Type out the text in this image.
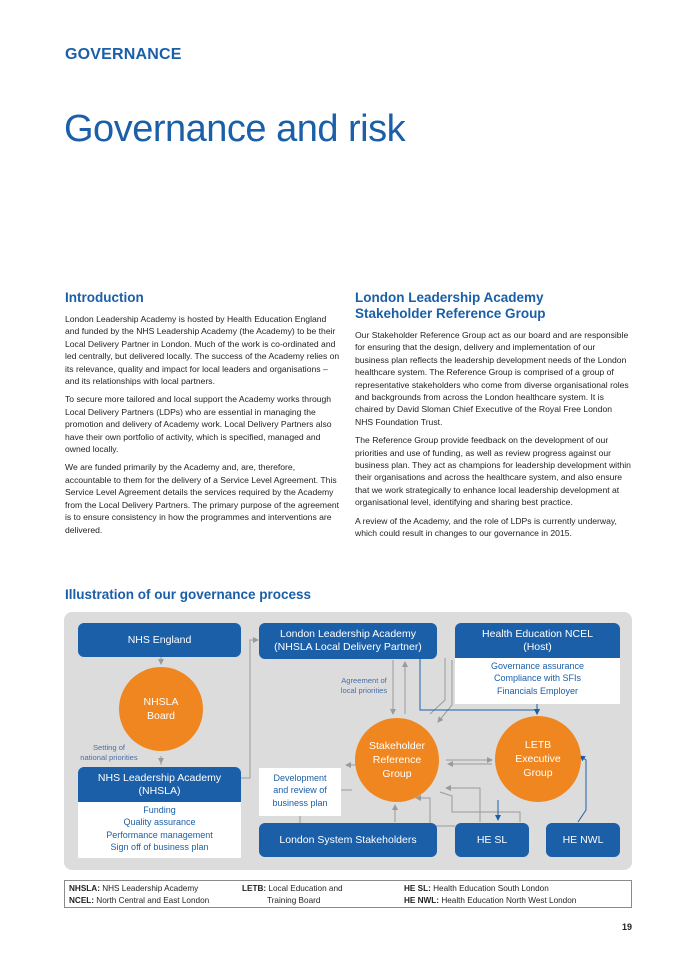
GOVERNANCE
Governance and risk
Introduction

London Leadership Academy is hosted by Health Education England and funded by the NHS Leadership Academy (the Academy) to be their Local Delivery Partner in London. Much of the work is co-ordinated and led centrally, but delivered locally. The success of the Academy relies on its relevance, quality and impact for local leaders and organisations – and its relationships with local partners.

To secure more tailored and local support the Academy works through Local Delivery Partners (LDPs) who are essential in managing the promotion and delivery of Academy work. Local Delivery Partners also have their own portfolio of activity, which is specified, managed and owned locally.

We are funded primarily by the Academy and, are, therefore, accountable to them for the delivery of a Service Level Agreement. This Service Level Agreement details the services required by the Academy from the Local Delivery Partners. The primary purpose of the agreement is to ensure consistency in how the programmes and interventions are delivered.

London Leadership Academy
Stakeholder Reference Group

Our Stakeholder Reference Group act as our board and are responsible for ensuring that the design, delivery and implementation of our business plan reflects the leadership development needs of the London healthcare system. The Reference Group is comprised of a group of representative stakeholders who come from diverse organisational roles and backgrounds from across the London healthcare system. It is chaired by David Sloman Chief Executive of the Royal Free London NHS Foundation Trust.

The Reference Group provide feedback on the development of our priorities and use of funding, as well as review progress against our business plan. They act as champions for leadership development within their organisations and across the healthcare system, and also ensure that we work strategically to enhance local leadership development at organisational level, identifying and sharing best practice.

A review of the Academy, and the role of LDPs is currently underway, which could result in changes to our governance in 2015.

Illustration of our governance process
NHS England	London Leadership Academy
(NHSLA Local Delivery Partner)
Health Education NCEL
(Host)
Governance assurance
Compliance with SFIs
Financials Employer
NHSLA
Board
Agreement of
local priorities
Setting of
national priorities
Stakeholder
Reference
Group
LETB
Executive
Group
NHS Leadership Academy
(NHSLA)
Funding
Quality assurance
Performance management
Sign off of business plan
Development
and review of
business plan
London System Stakeholders	HE SL	HE NWL
NHSLA: NHS Leadership Academy
NCEL: North Central and East London
LETB: Local Education and
Training Board
HE SL: Health Education South London
HE NWL: Health Education North West London
19
